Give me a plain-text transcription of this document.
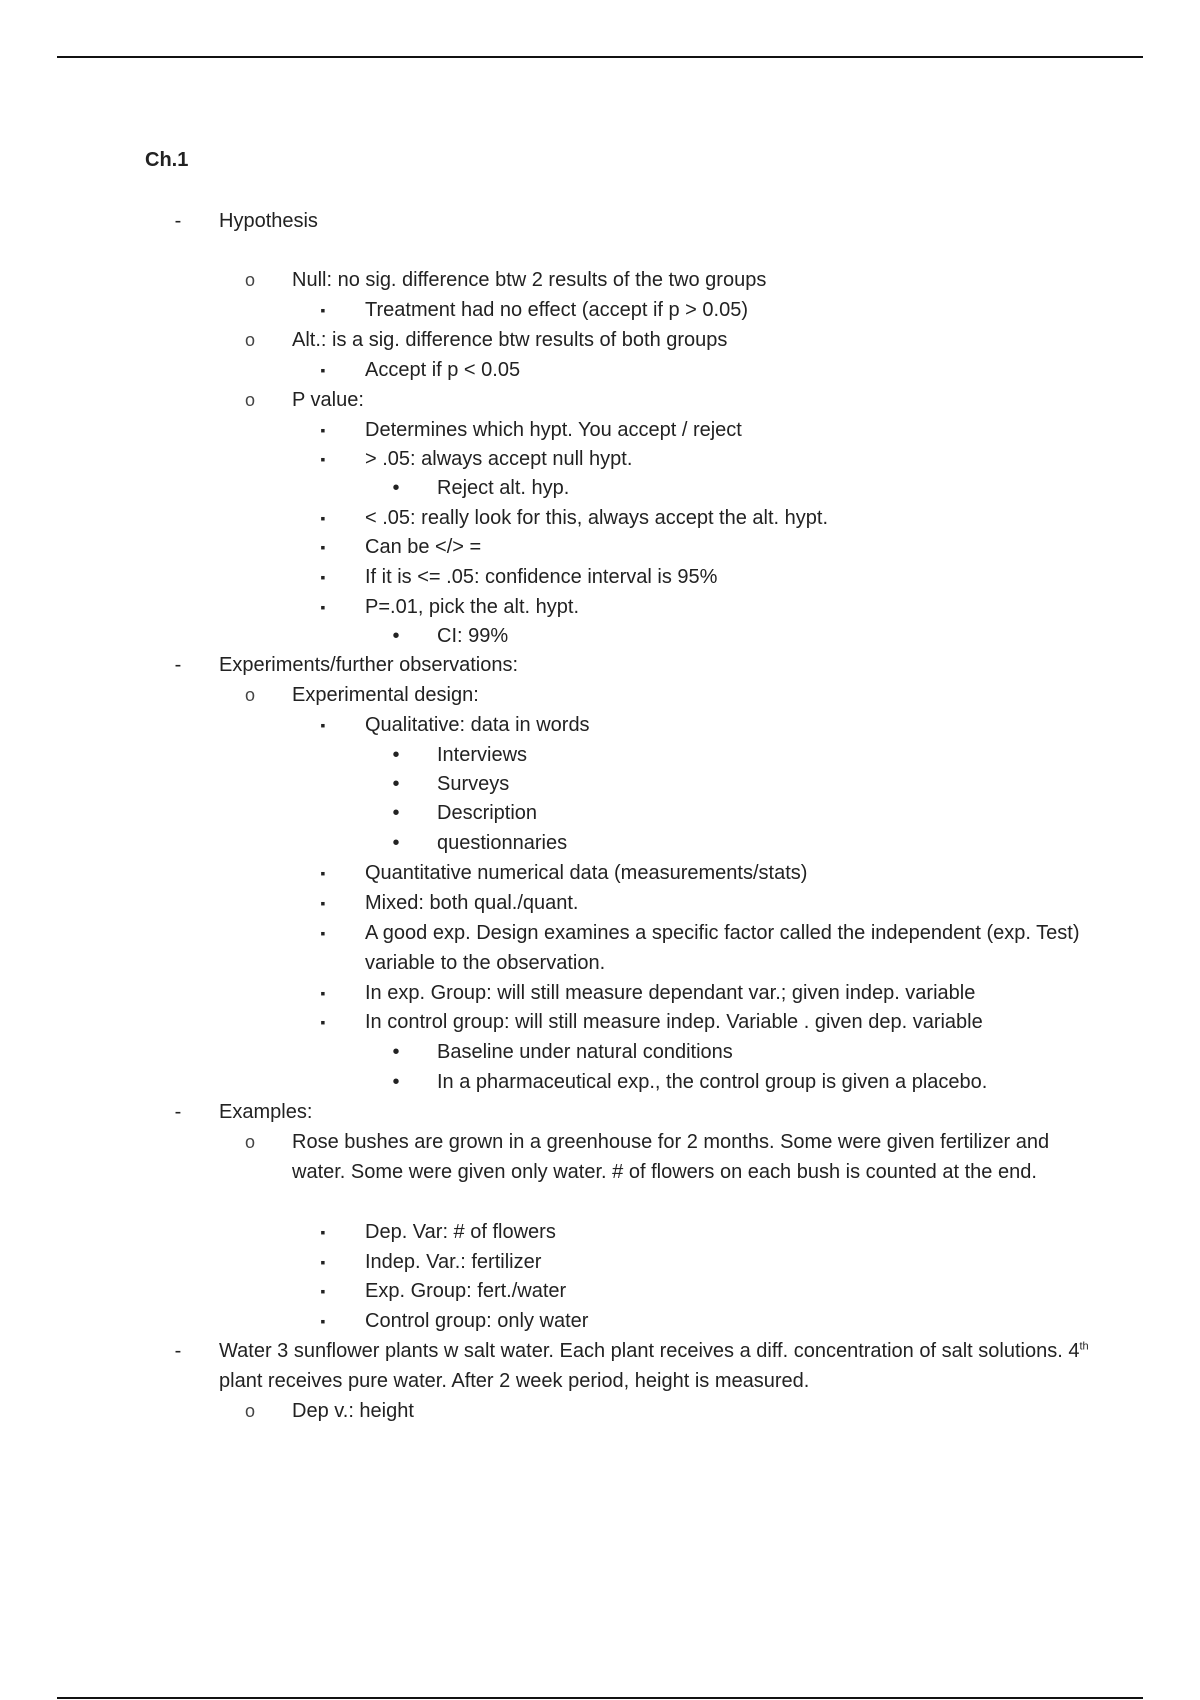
Ch.1
-	Hypothesis
o Null: no sig. difference btw 2 results of the two groups
▪	Treatment had no effect (accept if p > 0.05)
o Alt.: is a sig. difference btw results of both groups
▪	Accept if p < 0.05
o P value:
▪	Determines which hypt. You accept / reject
▪	> .05: always accept null hypt.
•	Reject alt. hyp.
▪	< .05: really look for this, always accept the alt. hypt.
▪	Can be </> =
▪	If it is <= .05: confidence interval is 95%
▪	P=.01, pick the alt. hypt.
•	CI: 99%
-	Experiments/further observations:
o Experimental design:
▪	Qualitative: data in words
•	Interviews
•	Surveys
•	Description
•	questionnaries
▪	Quantitative numerical data (measurements/stats)
▪	Mixed: both qual./quant.
▪	A good exp. Design examines a specific factor called the independent (exp. Test) variable to the observation.
▪	In exp. Group: will still measure dependant var.; given indep. variable
▪	In control group: will still measure indep. Variable . given dep. variable
•	Baseline under natural conditions
•	In a pharmaceutical exp., the control group is given a placebo.
-	Examples:
o Rose bushes are grown in a greenhouse for 2 months. Some were given fertilizer and water. Some were given only water. # of flowers on each bush is counted at the end.
▪	Dep. Var: # of flowers
▪	Indep. Var.: fertilizer
▪	Exp. Group: fert./water
▪	Control group: only water
-	Water 3 sunflower plants w salt water. Each plant receives a diff. concentration of salt solutions. 4th plant receives pure water. After 2 week period, height is measured.
o Dep v.: height
